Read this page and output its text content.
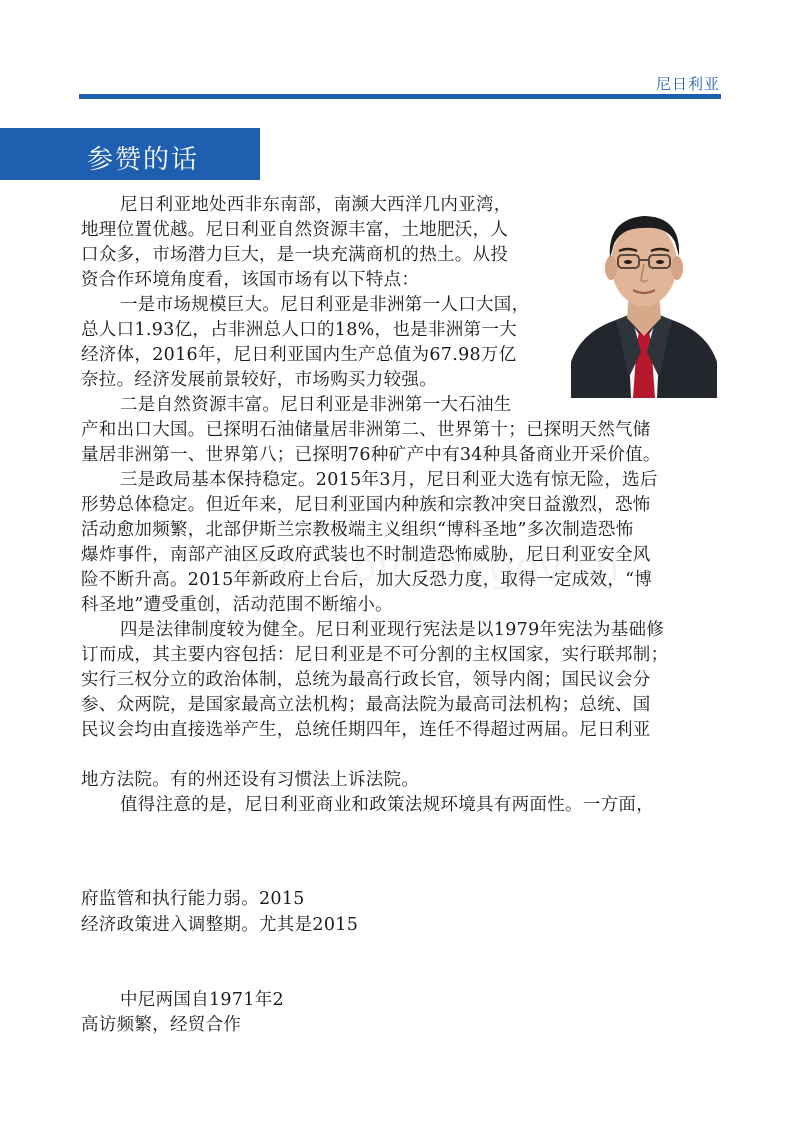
尼日利亚
参赞的话
尼日利亚地处西非东南部，南濒大西洋几内亚湾，
地理位置优越。尼日利亚自然资源丰富，土地肥沃，人
口众多，市场潜力巨大，是一块充满商机的热土。从投
资合作环境角度看，该国市场有以下特点：
一是市场规模巨大。尼日利亚是非洲第一人口大国，
总人口1.93亿，占非洲总人口的18%，也是非洲第一大
经济体，2016年，尼日利亚国内生产总值为67.98万亿
奈拉。经济发展前景较好，市场购买力较强。
二是自然资源丰富。尼日利亚是非洲第一大石油生
产和出口大国。已探明石油储量居非洲第二、世界第十；已探明天然气储
量居非洲第一、世界第八；已探明76种矿产中有34种具备商业开采价值。
三是政局基本保持稳定。2015年3月，尼日利亚大选有惊无险，选后
形势总体稳定。但近年来，尼日利亚国内种族和宗教冲突日益激烈，恐怖
活动愈加频繁，北部伊斯兰宗教极端主义组织“博科圣地”多次制造恐怖
爆炸事件，南部产油区反政府武装也不时制造恐怖威胁，尼日利亚安全风
险不断升高。2015年新政府上台后，加大反恐力度，取得一定成效，“博
科圣地”遭受重创，活动范围不断缩小。
四是法律制度较为健全。尼日利亚现行宪法是以1979年宪法为基础修
订而成，其主要内容包括：尼日利亚是不可分割的主权国家，实行联邦制；
实行三权分立的政治体制，总统为最高行政长官，领导内阁；国民议会分
参、众两院，是国家最高立法机构；最高法院为最高司法机构；总统、国
民议会均由直接选举产生，总统任期四年，连任不得超过两届。尼日利亚
地方法院。有的州还设有习惯法上诉法院。
值得注意的是，尼日利亚商业和政策法规环境具有两面性。一方面，
府监管和执行能力弱。2015
经济政策进入调整期。尤其是2015
中尼两国自1971年2
高访频繁，经贸合作
